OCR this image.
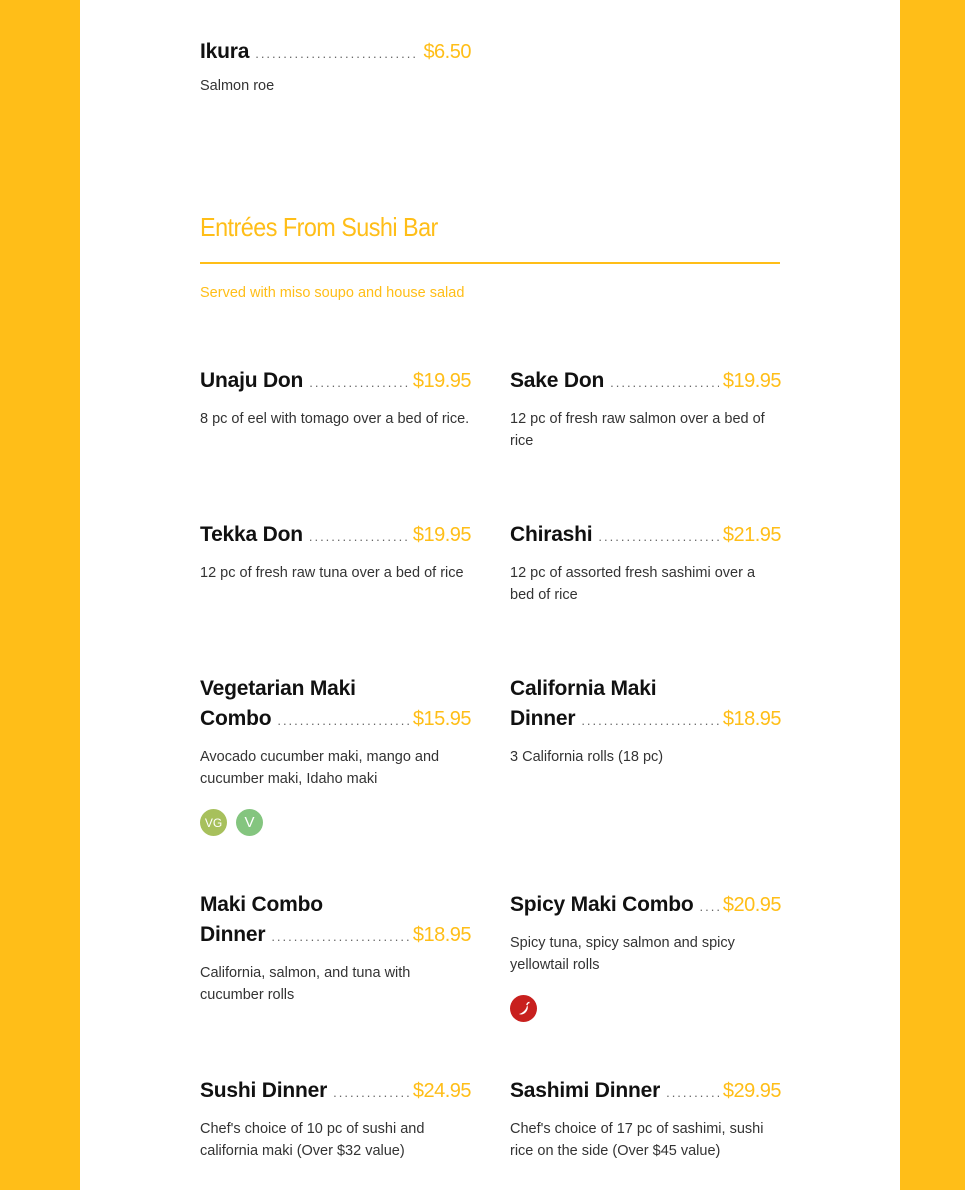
Ikura .....	$6.50
Salmon roe
Entrées From Sushi Bar
Served with miso soupo and house salad
Unaju Don .....	$19.95
8 pc of eel with tomago over a bed of rice.
Sake Don .....	$19.95
12 pc of fresh raw salmon over a bed of rice
Tekka Don .....	$19.95
12 pc of fresh raw tuna over a bed of rice
Chirashi .....	$21.95
12 pc of assorted fresh sashimi over a bed of rice
Vegetarian Maki
Combo .....	$15.95
Avocado cucumber maki, mango and cucumber maki, Idaho maki
VG	V
California Maki
Dinner .....	$18.95
3 California rolls (18 pc)
Maki Combo
Dinner .....	$18.95
California, salmon, and tuna with cucumber rolls
Spicy Maki Combo ..... $20.95
Spicy tuna, spicy salmon and spicy yellowtail rolls
Sushi Dinner .....	$24.95
Chef's choice of 10 pc of sushi and california maki (Over $32 value)
Sashimi Dinner .....	$29.95
Chef's choice of 17 pc of sashimi, sushi rice on the side (Over $45 value)
